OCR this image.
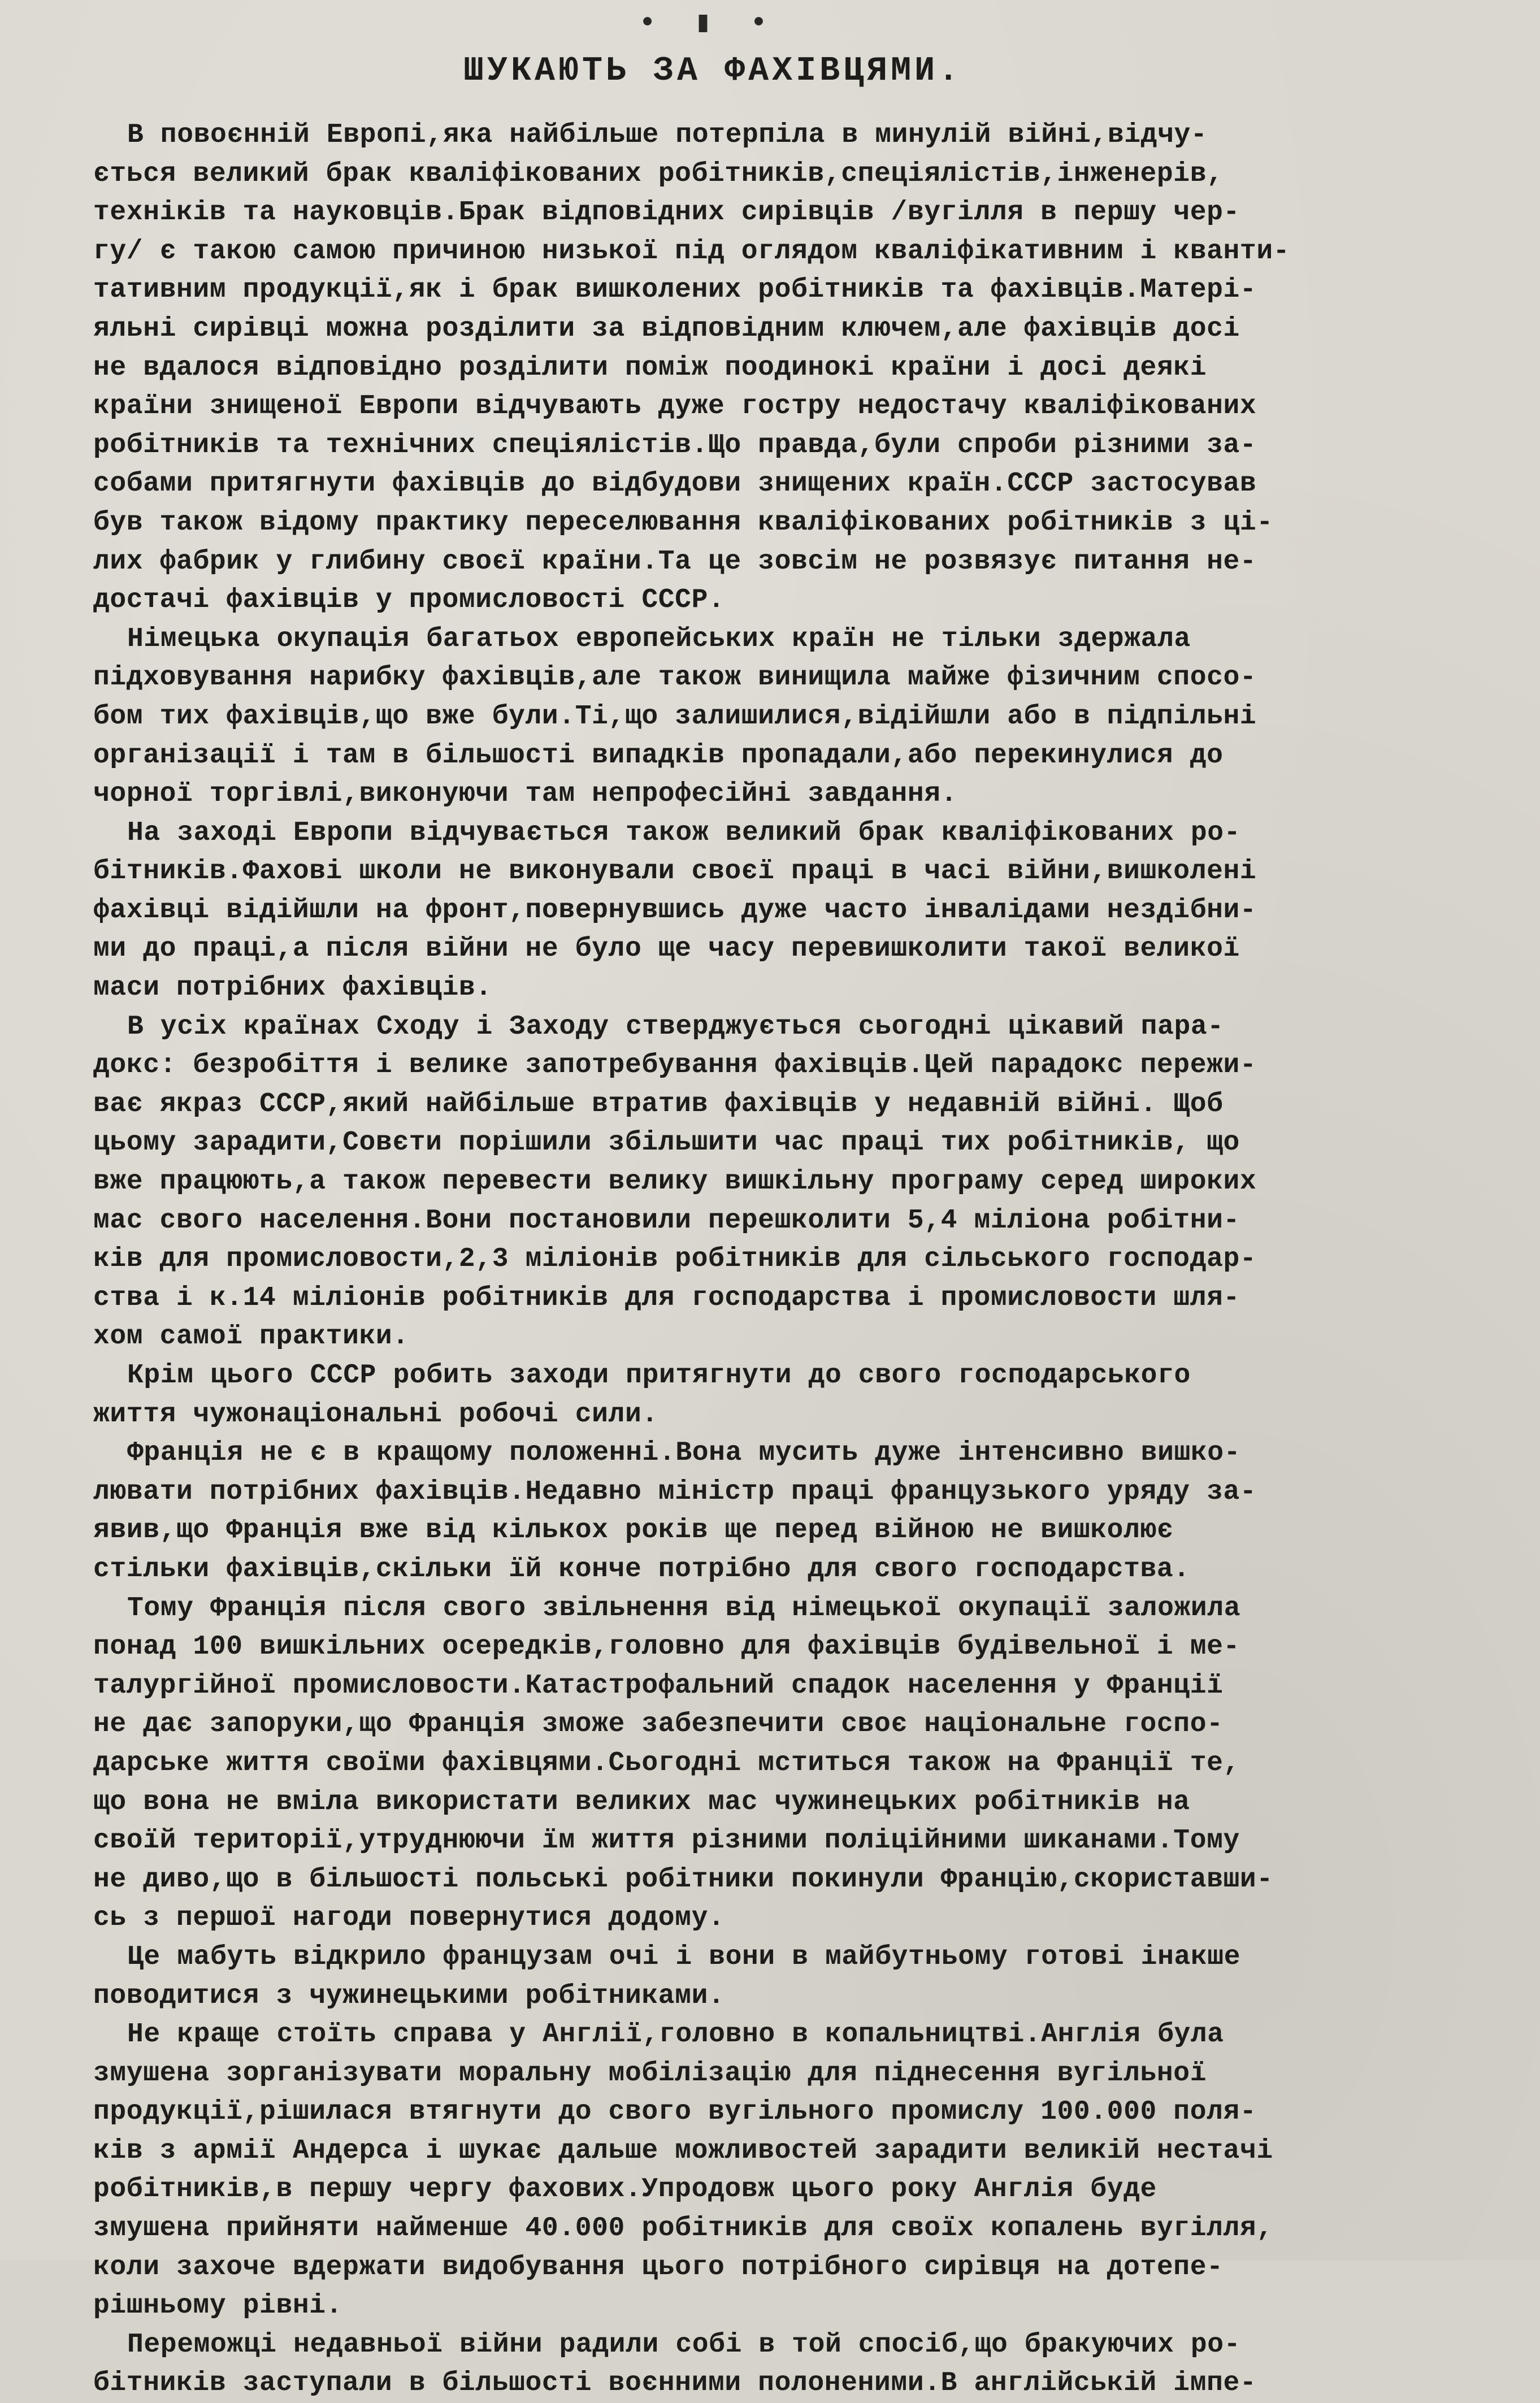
• ▮ •
ШУКАЮТЬ ЗА ФАХІВЦЯМИ.
В повоєнній Европі,яка найбільше потерпіла в минулій війні,відчу-
ється великий брак кваліфікованих робітників,спеціялістів,інженерів,
техніків та науковців.Брак відповідних сирівців /вугілля в першу чер-
гу/ є такою самою причиною низької під оглядом кваліфікативним і кванти-
тативним продукції,як і брак вишколених робітників та фахівців.Матері-
яльні сирівці можна розділити за відповідним ключем,але фахівців досі
не вдалося відповідно розділити поміж поодинокі країни і досі деякі
країни знищеної Европи відчувають дуже гостру недостачу кваліфікованих
робітників та технічних спеціялістів.Що правда,були спроби різними за-
собами притягнути фахівців до відбудови знищених країн.СССР застосував
був також відому практику переселювання кваліфікованих робітників з ці-
лих фабрик у глибину своєї країни.Та це зовсім не розвязує питання не-
достачі фахівців у промисловості СССР.
Німецька окупація багатьох европейських країн не тільки здержала
підховування нарибку фахівців,але також винищила майже фізичним спосо-
бом тих фахівців,що вже були.Ті,що залишилися,відійшли або в підпільні
організації і там в більшості випадків пропадали,або перекинулися до
чорної торгівлі,виконуючи там непрофесійні завдання.
На заході Европи відчувається також великий брак кваліфікованих ро-
бітників.Фахові школи не виконували своєї праці в часі війни,вишколені
фахівці відійшли на фронт,повернувшись дуже часто інвалідами нездібни-
ми до праці,а після війни не було ще часу перевишколити такої великої
маси потрібних фахівців.
В усіх країнах Сходу і Заходу стверджується сьогодні цікавий пара-
докс: безробіття і велике запотребування фахівців.Цей парадокс пережи-
ває якраз СССР,який найбільше втратив фахівців у недавній війні. Щоб
цьому зарадити,Совєти порішили збільшити час праці тих робітників, що
вже працюють,а також перевести велику вишкільну програму серед широких
мас свого населення.Вони постановили перешколити 5,4 міліона робітни-
ків для промисловости,2,3 міліонів робітників для сільського господар-
ства і к.14 міліонів робітників для господарства і промисловости шля-
хом самої практики.
Крім цього СССР робить заходи притягнути до свого господарського
життя чужонаціональні робочі сили.
Франція не є в кращому положенні.Вона мусить дуже інтенсивно вишко-
лювати потрібних фахівців.Недавно міністр праці французького уряду за-
явив,що Франція вже від кількох років ще перед війною не вишколює
стільки фахівців,скільки їй конче потрібно для свого господарства.
Тому Франція після свого звільнення від німецької окупації заложила
понад 100 вишкільних осередків,головно для фахівців будівельної і ме-
талургійної промисловости.Катастрофальний спадок населення у Франції
не дає запоруки,що Франція зможе забезпечити своє національне госпо-
дарське життя своїми фахівцями.Сьогодні мститься також на Франції те,
що вона не вміла використати великих мас чужинецьких робітників на
своїй території,утруднюючи їм життя різними поліційними шиканами.Тому
не диво,що в більшості польські робітники покинули Францію,скориставши-
сь з першої нагоди повернутися додому.
Це мабуть відкрило французам очі і вони в майбутньому готові інакше
поводитися з чужинецькими робітниками.
Не краще стоїть справа у Англії,головно в копальництві.Англія була
змушена зорганізувати моральну мобілізацію для піднесення вугільної
продукції,рішилася втягнути до свого вугільного промислу 100.000 поля-
ків з армії Андерса і шукає дальше можливостей зарадити великій нестачі
робітників,в першу чергу фахових.Упродовж цього року Англія буде
змушена прийняти найменше 40.000 робітників для своїх копалень вугілля,
коли захоче вдержати видобування цього потрібного сирівця на дотепе-
рішньому рівні.
Переможці недавньої війни радили собі в той спосіб,що бракуючих ро-
бітників заступали в більшості воєнними полоненими.В англійській імпе-
